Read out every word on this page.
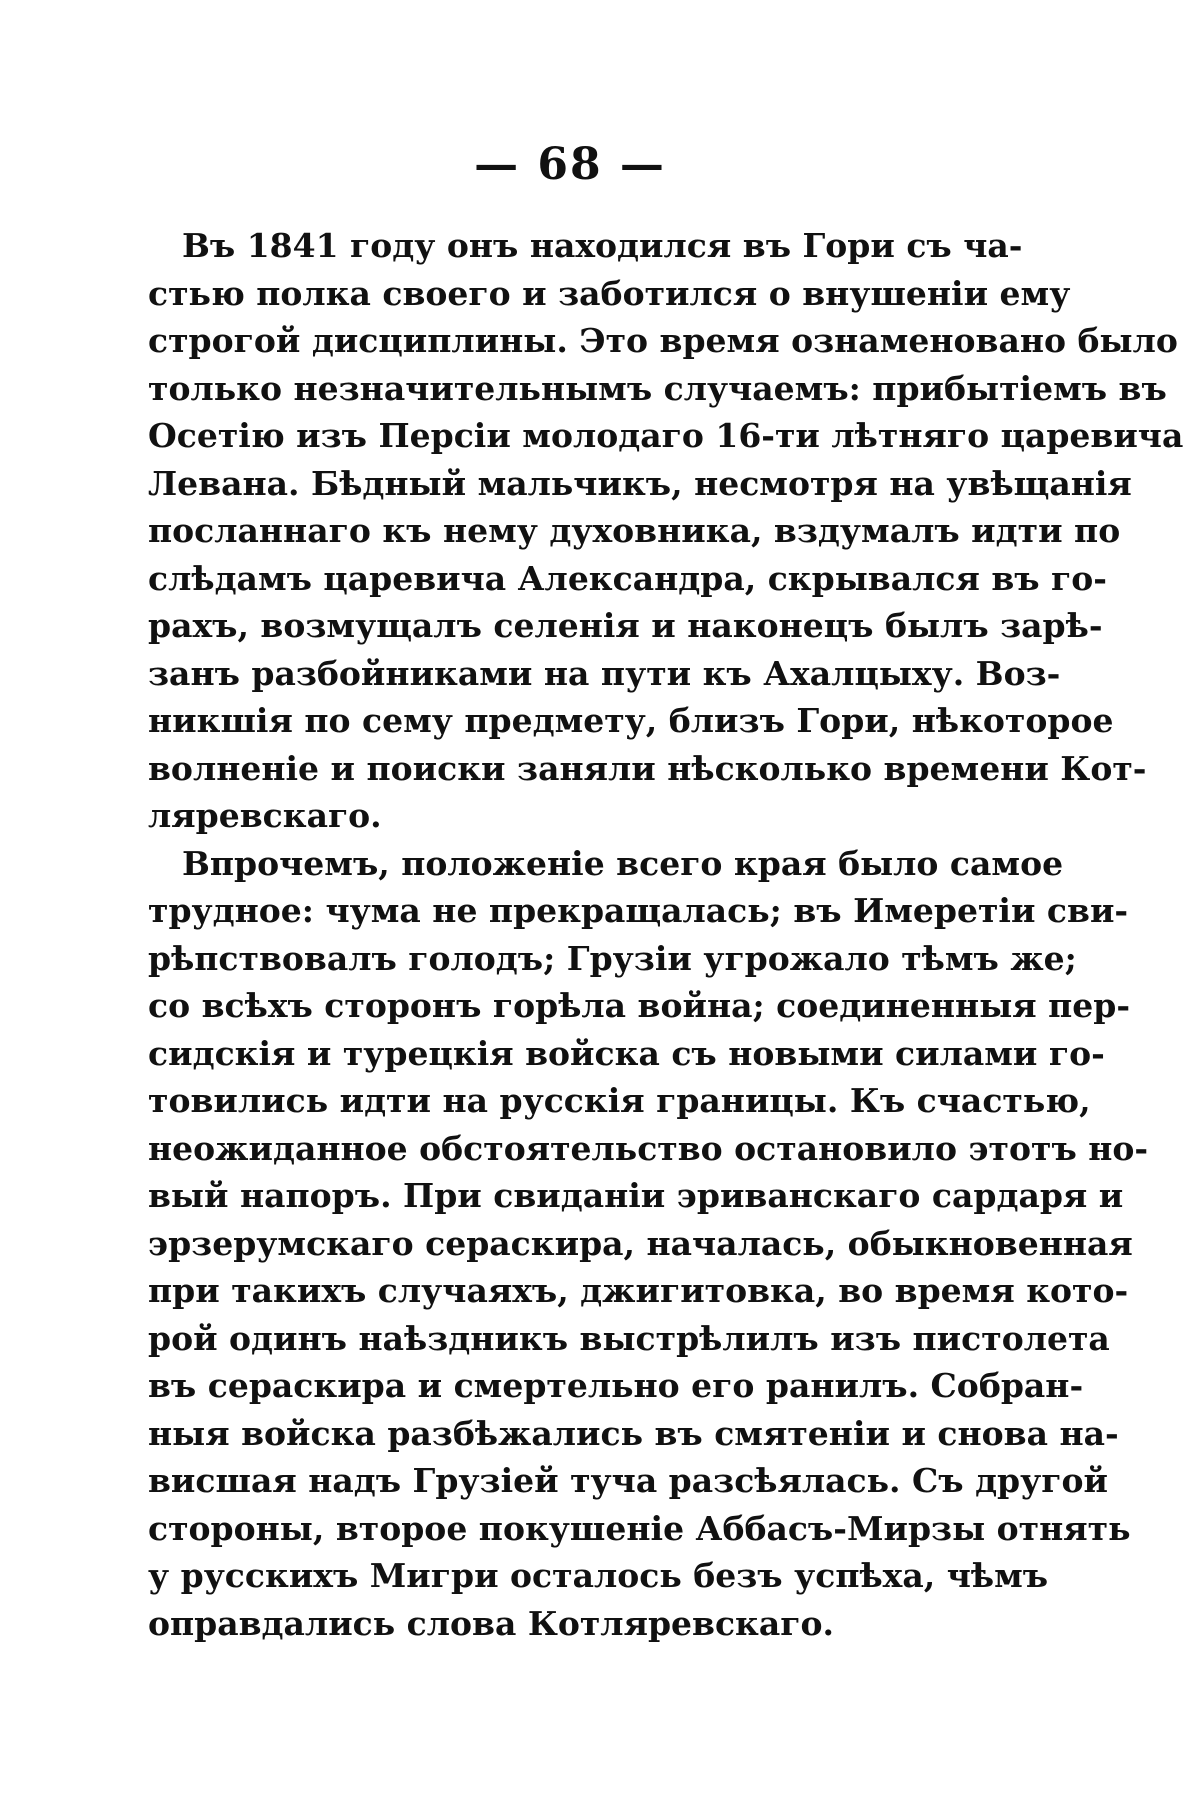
— 68 —
Въ 1841 году онъ находился въ Гори съ ча-
стью полка своего и заботился о внушеніи ему
строгой дисциплины. Это время ознаменовано было
только незначительнымъ случаемъ: прибытіемъ въ
Осетію изъ Персіи молодаго 16-ти лѣтняго царевича
Левана. Бѣдный мальчикъ, несмотря на увѣщанія
посланнаго къ нему духовника, вздумалъ идти по
слѣдамъ царевича Александра, скрывался въ го-
рахъ, возмущалъ селенія и наконецъ былъ зарѣ-
занъ разбойниками на пути къ Ахалцыху. Воз-
никшія по сему предмету, близъ Гори, нѣкоторое
волненіе и поиски заняли нѣсколько времени Кот-
ляревскаго.
Впрочемъ, положеніе всего края было самое
трудное: чума не прекращалась; въ Имеретіи сви-
рѣпствовалъ голодъ; Грузіи угрожало тѣмъ же;
со всѣхъ сторонъ горѣла война; соединенныя пер-
сидскія и турецкія войска съ новыми силами го-
товились идти на русскія границы. Къ счастью,
неожиданное обстоятельство остановило этотъ но-
вый напоръ. При свиданіи эриванскаго сардаря и
эрзерумскаго сераскира, началась, обыкновенная
при такихъ случаяхъ, джигитовка, во время кото-
рой одинъ наѣздникъ выстрѣлилъ изъ пистолета
въ сераскира и смертельно его ранилъ. Собран-
ныя войска разбѣжались въ смятеніи и снова на-
висшая надъ Грузіей туча разсѣялась. Съ другой
стороны, второе покушеніе Аббасъ-Мирзы отнять
у русскихъ Мигри осталось безъ успѣха, чѣмъ
оправдались слова Котляревскаго.
